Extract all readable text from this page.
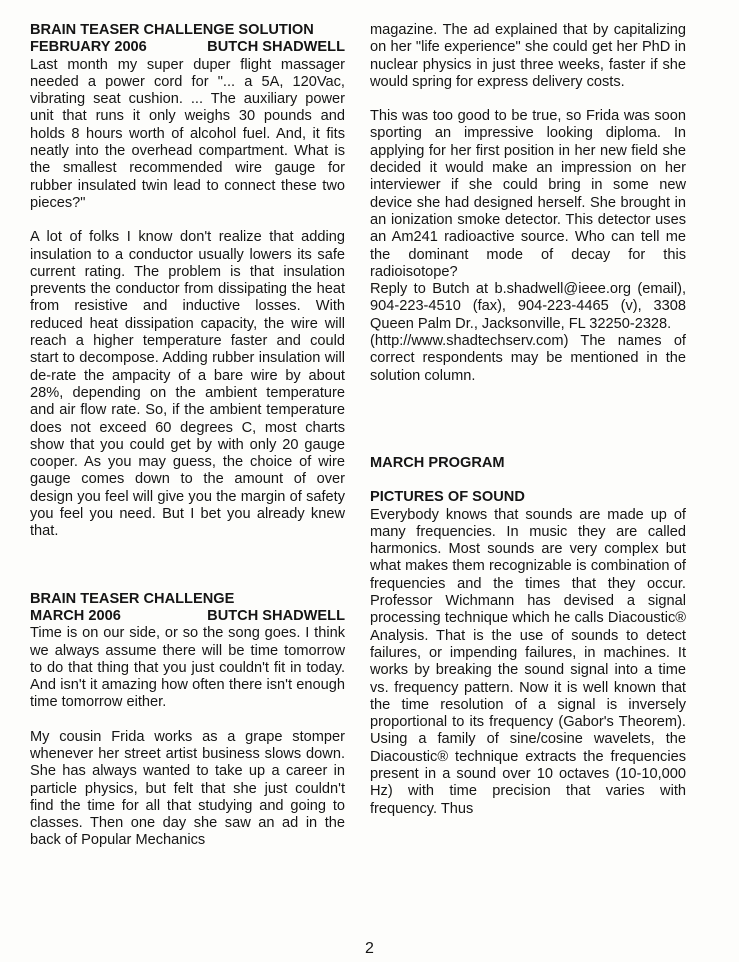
BRAIN TEASER CHALLENGE SOLUTION
FEBRUARY 2006	BUTCH SHADWELL

Last month my super duper flight massager needed a power cord for "... a 5A, 120Vac, vibrating seat cushion. ... The auxiliary power unit that runs it only weighs 30 pounds and holds 8 hours worth of alcohol fuel. And, it fits neatly into the overhead compartment. What is the smallest recommended wire gauge for rubber insulated twin lead to connect these two pieces?"

A lot of folks I know don't realize that adding insulation to a conductor usually lowers its safe current rating. The problem is that insulation prevents the conductor from dissipating the heat from resistive and inductive losses. With reduced heat dissipation capacity, the wire will reach a higher temperature faster and could start to decompose. Adding rubber insulation will de-rate the ampacity of a bare wire by about 28%, depending on the ambient temperature and air flow rate. So, if the ambient temperature does not exceed 60 degrees C, most charts show that you could get by with only 20 gauge cooper. As you may guess, the choice of wire gauge comes down to the amount of over design you feel will give you the margin of safety you feel you need. But I bet you already knew that.

BRAIN TEASER CHALLENGE
MARCH 2006	BUTCH SHADWELL

Time is on our side, or so the song goes. I think we always assume there will be time tomorrow to do that thing that you just couldn't fit in today. And isn't it amazing how often there isn't enough time tomorrow either.

My cousin Frida works as a grape stomper whenever her street artist business slows down. She has always wanted to take up a career in particle physics, but felt that she just couldn't find the time for all that studying and going to classes. Then one day she saw an ad in the back of Popular Mechanics

magazine. The ad explained that by capitalizing on her "life experience" she could get her PhD in nuclear physics in just three weeks, faster if she would spring for express delivery costs.

This was too good to be true, so Frida was soon sporting an impressive looking diploma. In applying for her first position in her new field she decided it would make an impression on her interviewer if she could bring in some new device she had designed herself. She brought in an ionization smoke detector. This detector uses an Am241 radioactive source. Who can tell me the dominant mode of decay for this radioisotope?

Reply to Butch at b.shadwell@ieee.org (email), 904-223-4510 (fax), 904-223-4465 (v), 3308 Queen Palm Dr., Jacksonville, FL 32250-2328.

(http://www.shadtechserv.com) The names of correct respondents may be mentioned in the solution column.

MARCH PROGRAM
PICTURES OF SOUND

Everybody knows that sounds are made up of many frequencies. In music they are called harmonics. Most sounds are very complex but what makes them recognizable is combination of frequencies and the times that they occur. Professor Wichmann has devised a signal processing technique which he calls Diacoustic® Analysis. That is the use of sounds to detect failures, or impending failures, in machines. It works by breaking the sound signal into a time vs. frequency pattern. Now it is well known that the time resolution of a signal is inversely proportional to its frequency (Gabor's Theorem). Using a family of sine/cosine wavelets, the Diacoustic® technique extracts the frequencies present in a sound over 10 octaves (10-10,000 Hz) with time precision that varies with frequency. Thus

2
